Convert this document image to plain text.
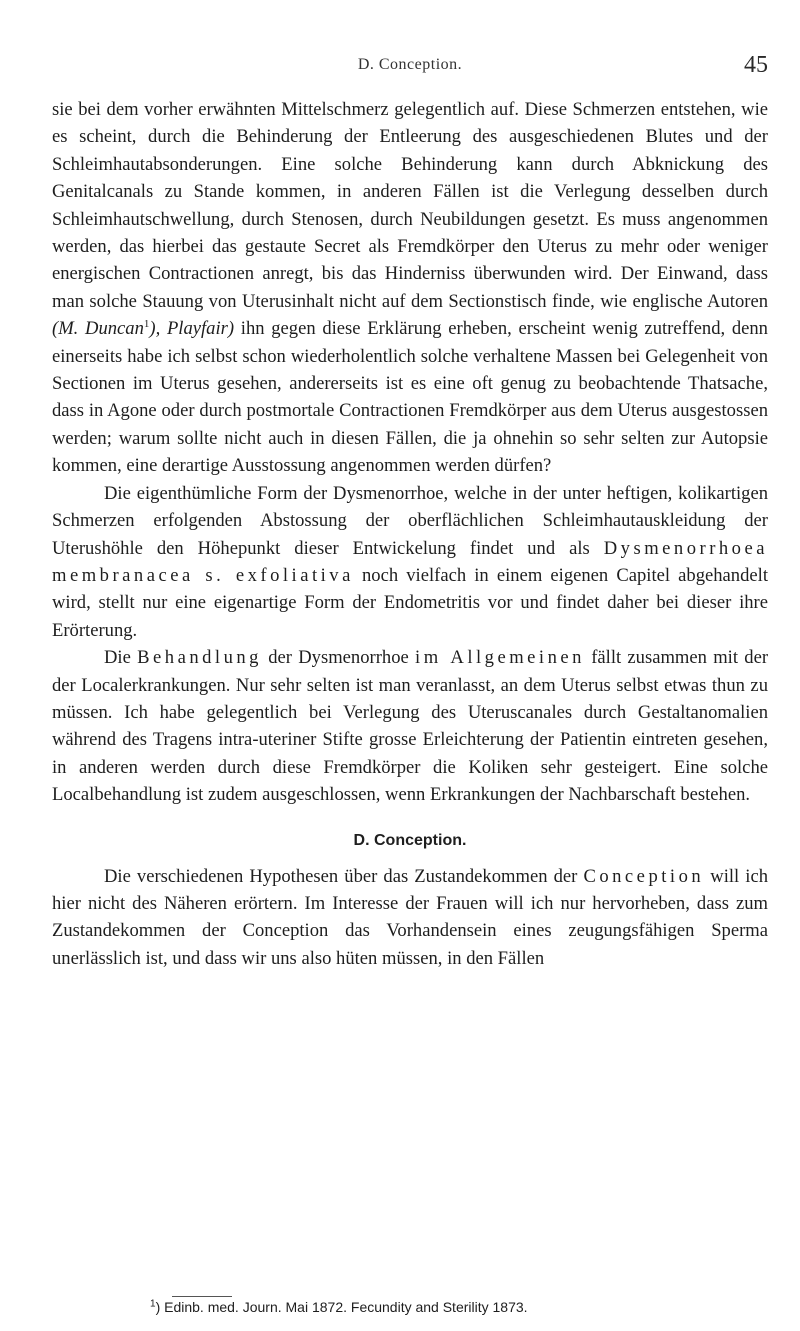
D. Conception.	45

sie bei dem vorher erwähnten Mittelschmerz gelegentlich auf. Diese Schmerzen entstehen, wie es scheint, durch die Behinderung der Entleerung des ausgeschiedenen Blutes und der Schleimhautabsonderungen. Eine solche Behinderung kann durch Abknickung des Genitalcanals zu Stande kommen, in anderen Fällen ist die Verlegung desselben durch Schleimhautschwellung, durch Stenosen, durch Neubildungen gesetzt. Es muss angenommen werden, das hierbei das gestaute Secret als Fremdkörper den Uterus zu mehr oder weniger energischen Contractionen anregt, bis das Hinderniss überwunden wird. Der Einwand, dass man solche Stauung von Uterusinhalt nicht auf dem Sectionstisch finde, wie englische Autoren (M. Duncan$^1$), Playfair) ihn gegen diese Erklärung erheben, erscheint wenig zutreffend, denn einerseits habe ich selbst schon wiederholentlich solche verhaltene Massen bei Gelegenheit von Sectionen im Uterus gesehen, andererseits ist es eine oft genug zu beobachtende Thatsache, dass in Agone oder durch postmortale Contractionen Fremdkörper aus dem Uterus ausgestossen werden; warum sollte nicht auch in diesen Fällen, die ja ohnehin so sehr selten zur Autopsie kommen, eine derartige Ausstossung angenommen werden dürfen?

Die eigenthümliche Form der Dysmenorrhoe, welche in der unter heftigen, kolikartigen Schmerzen erfolgenden Abstossung der oberflächlichen Schleimhautauskleidung der Uterushöhle den Höhepunkt dieser Entwickelung findet und als Dysmenorrhoea membranacea s. exfoliativa noch vielfach in einem eigenen Capitel abgehandelt wird, stellt nur eine eigenartige Form der Endometritis vor und findet daher bei dieser ihre Erörterung.

Die Behandlung der Dysmenorrhoe im Allgemeinen fällt zusammen mit der der Localerkrankungen. Nur sehr selten ist man veranlasst, an dem Uterus selbst etwas thun zu müssen. Ich habe gelegentlich bei Verlegung des Uteruscanales durch Gestaltanomalien während des Tragens intra-uteriner Stifte grosse Erleichterung der Patientin eintreten gesehen, in anderen werden durch diese Fremdkörper die Koliken sehr gesteigert. Eine solche Localbehandlung ist zudem ausgeschlossen, wenn Erkrankungen der Nachbarschaft bestehen.

D. Conception.

Die verschiedenen Hypothesen über das Zustandekommen der Conception will ich hier nicht des Näheren erörtern. Im Interesse der Frauen will ich nur hervorheben, dass zum Zustandekommen der Conception das Vorhandensein eines zeugungsfähigen Sperma unerlässlich ist, und dass wir uns also hüten müssen, in den Fällen

$^1$) Edinb. med. Journ. Mai 1872. Fecundity and Sterility 1873.
